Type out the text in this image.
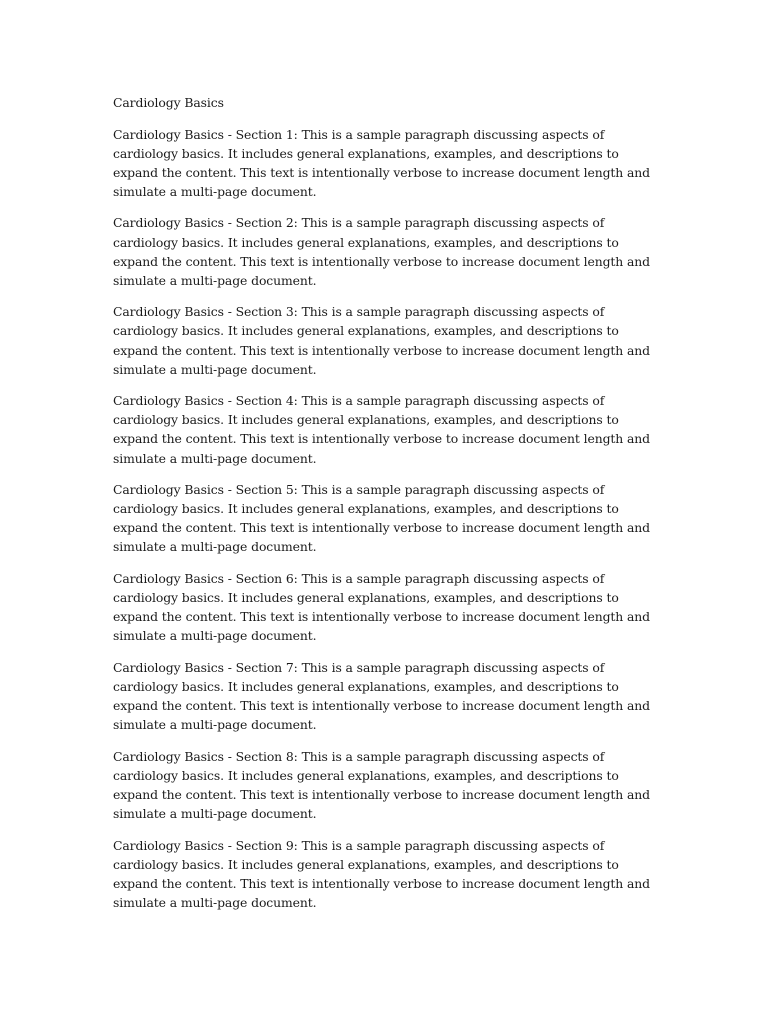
Cardiology Basics

Cardiology Basics - Section 1: This is a sample paragraph discussing aspects of cardiology basics. It includes general explanations, examples, and descriptions to expand the content. This text is intentionally verbose to increase document length and simulate a multi-page document.

Cardiology Basics - Section 2: This is a sample paragraph discussing aspects of cardiology basics. It includes general explanations, examples, and descriptions to expand the content. This text is intentionally verbose to increase document length and simulate a multi-page document.

Cardiology Basics - Section 3: This is a sample paragraph discussing aspects of cardiology basics. It includes general explanations, examples, and descriptions to expand the content. This text is intentionally verbose to increase document length and simulate a multi-page document.

Cardiology Basics - Section 4: This is a sample paragraph discussing aspects of cardiology basics. It includes general explanations, examples, and descriptions to expand the content. This text is intentionally verbose to increase document length and simulate a multi-page document.

Cardiology Basics - Section 5: This is a sample paragraph discussing aspects of cardiology basics. It includes general explanations, examples, and descriptions to expand the content. This text is intentionally verbose to increase document length and simulate a multi-page document.

Cardiology Basics - Section 6: This is a sample paragraph discussing aspects of cardiology basics. It includes general explanations, examples, and descriptions to expand the content. This text is intentionally verbose to increase document length and simulate a multi-page document.

Cardiology Basics - Section 7: This is a sample paragraph discussing aspects of cardiology basics. It includes general explanations, examples, and descriptions to expand the content. This text is intentionally verbose to increase document length and simulate a multi-page document.

Cardiology Basics - Section 8: This is a sample paragraph discussing aspects of cardiology basics. It includes general explanations, examples, and descriptions to expand the content. This text is intentionally verbose to increase document length and simulate a multi-page document.

Cardiology Basics - Section 9: This is a sample paragraph discussing aspects of cardiology basics. It includes general explanations, examples, and descriptions to expand the content. This text is intentionally verbose to increase document length and simulate a multi-page document.
